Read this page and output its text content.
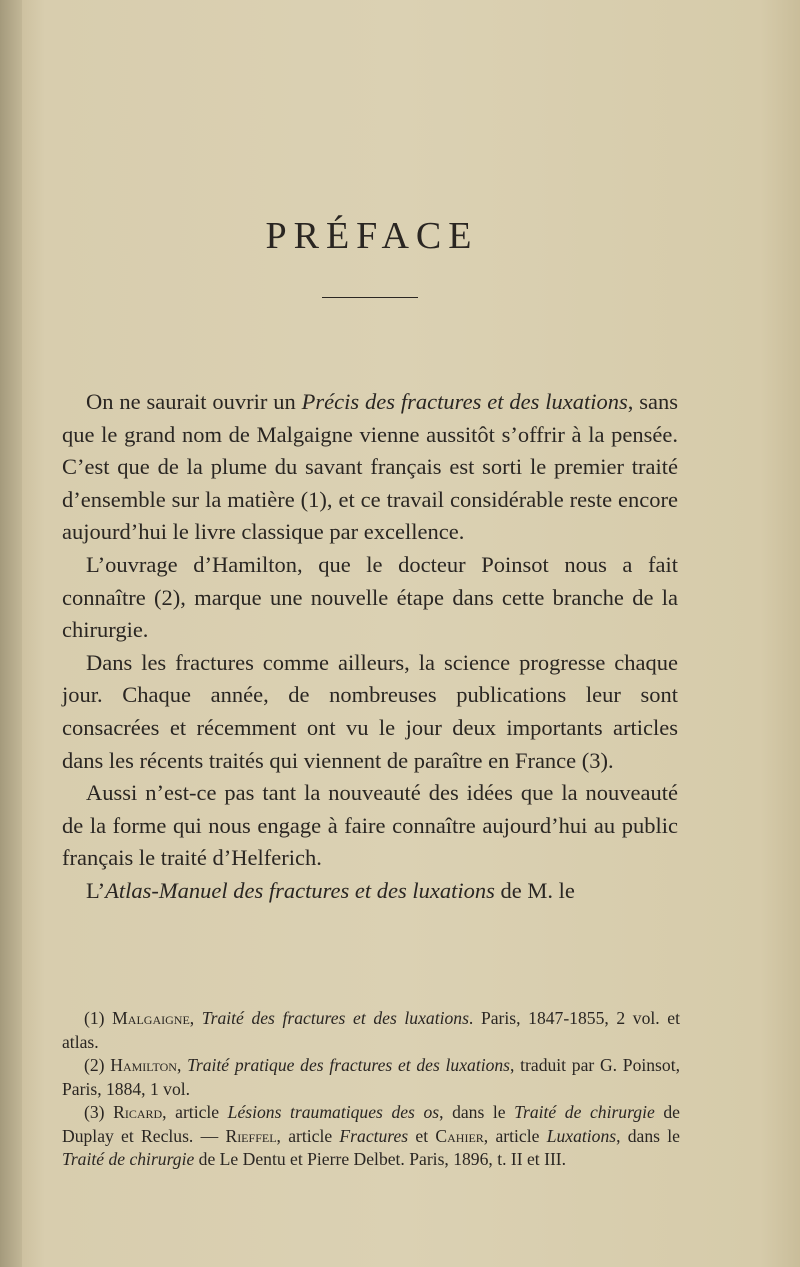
PRÉFACE

On ne saurait ouvrir un Précis des fractures et des luxations, sans que le grand nom de Malgaigne vienne aussitôt s’offrir à la pensée. C’est que de la plume du savant français est sorti le premier traité d’ensemble sur la matière (1), et ce travail considérable reste encore aujourd’hui le livre classique par excellence.

L’ouvrage d’Hamilton, que le docteur Poinsot nous a fait connaître (2), marque une nouvelle étape dans cette branche de la chirurgie.

Dans les fractures comme ailleurs, la science progresse chaque jour. Chaque année, de nombreuses publications leur sont consacrées et récemment ont vu le jour deux importants articles dans les récents traités qui viennent de paraître en France (3).

Aussi n’est-ce pas tant la nouveauté des idées que la nouveauté de la forme qui nous engage à faire connaître aujourd’hui au public français le traité d’Helferich.

L’Atlas-Manuel des fractures et des luxations de M. le

(1) Malgaigne, Traité des fractures et des luxations. Paris, 1847-1855, 2 vol. et atlas.

(2) Hamilton, Traité pratique des fractures et des luxations, traduit par G. Poinsot, Paris, 1884, 1 vol.

(3) Ricard, article Lésions traumatiques des os, dans le Traité de chirurgie de Duplay et Reclus. — Rieffel, article Fractures et Cahier, article Luxations, dans le Traité de chirurgie de Le Dentu et Pierre Delbet. Paris, 1896, t. II et III.
